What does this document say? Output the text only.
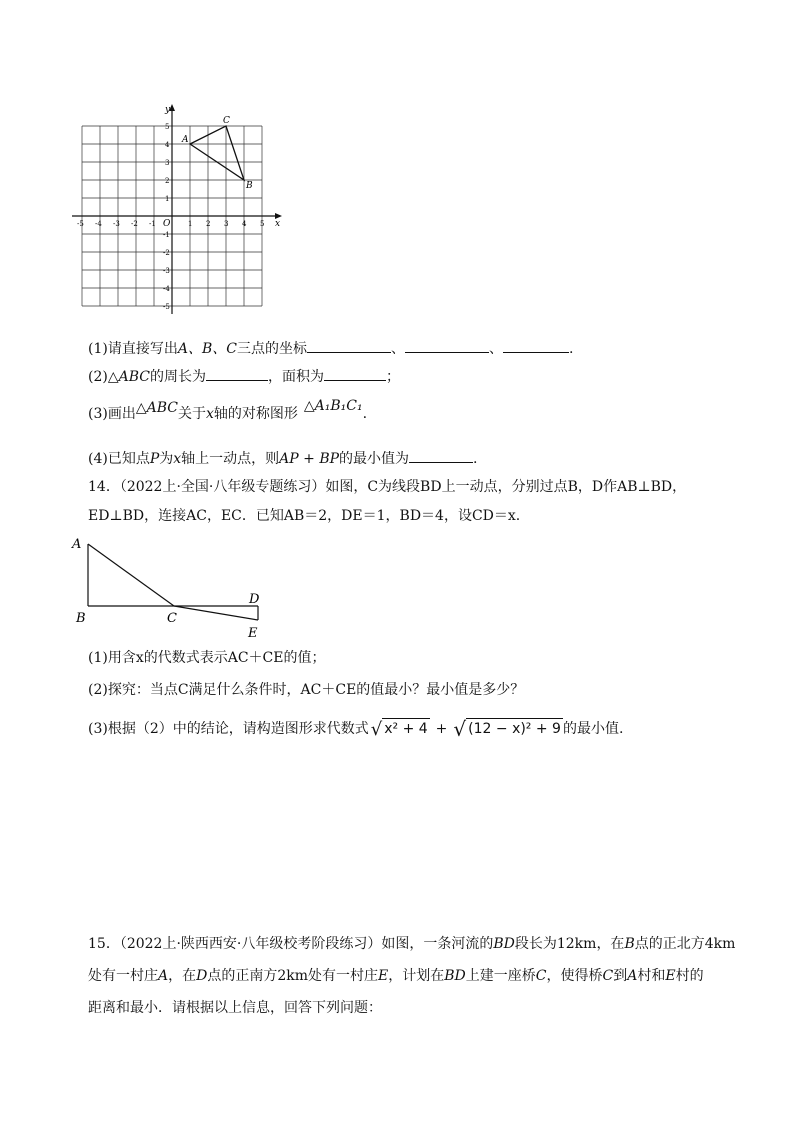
x
y
O
-5 -4 -3 -2 -1	1 2 3 4 5
5
4
3
2
1
-1
-2
-3
-4
-5
A
C
B
(1)请直接写出A、B、C三点的坐标	、	、	.
(2)△ABC的周长为	，面积为	；
(3)画出△ABC关于x轴的对称图形 △A₁B₁C₁.
(4)已知点P为x轴上一动点，则AP + BP的最小值为	.
14．（2022上·全国·八年级专题练习）如图，C为线段BD上一动点，分别过点B，D作AB⊥BD，
ED⊥BD，连接AC，EC．已知AB＝2，DE＝1，BD＝4，设CD＝x.
A
B	C
D
E
(1)用含x的代数式表示AC＋CE的值；
(2)探究：当点C满足什么条件时，AC＋CE的值最小？最小值是多少？
(3)根据（2）中的结论，请构造图形求代数式 √ x² + 4 + √ (12 − x)² + 9 的最小值.
15．（2022上·陕西西安·八年级校考阶段练习）如图，一条河流的BD段长为12km，在B点的正北方4km
处有一村庄A，在D点的正南方2km处有一村庄E，计划在BD上建一座桥C，使得桥C到A村和E村的
距离和最小．请根据以上信息，回答下列问题：
